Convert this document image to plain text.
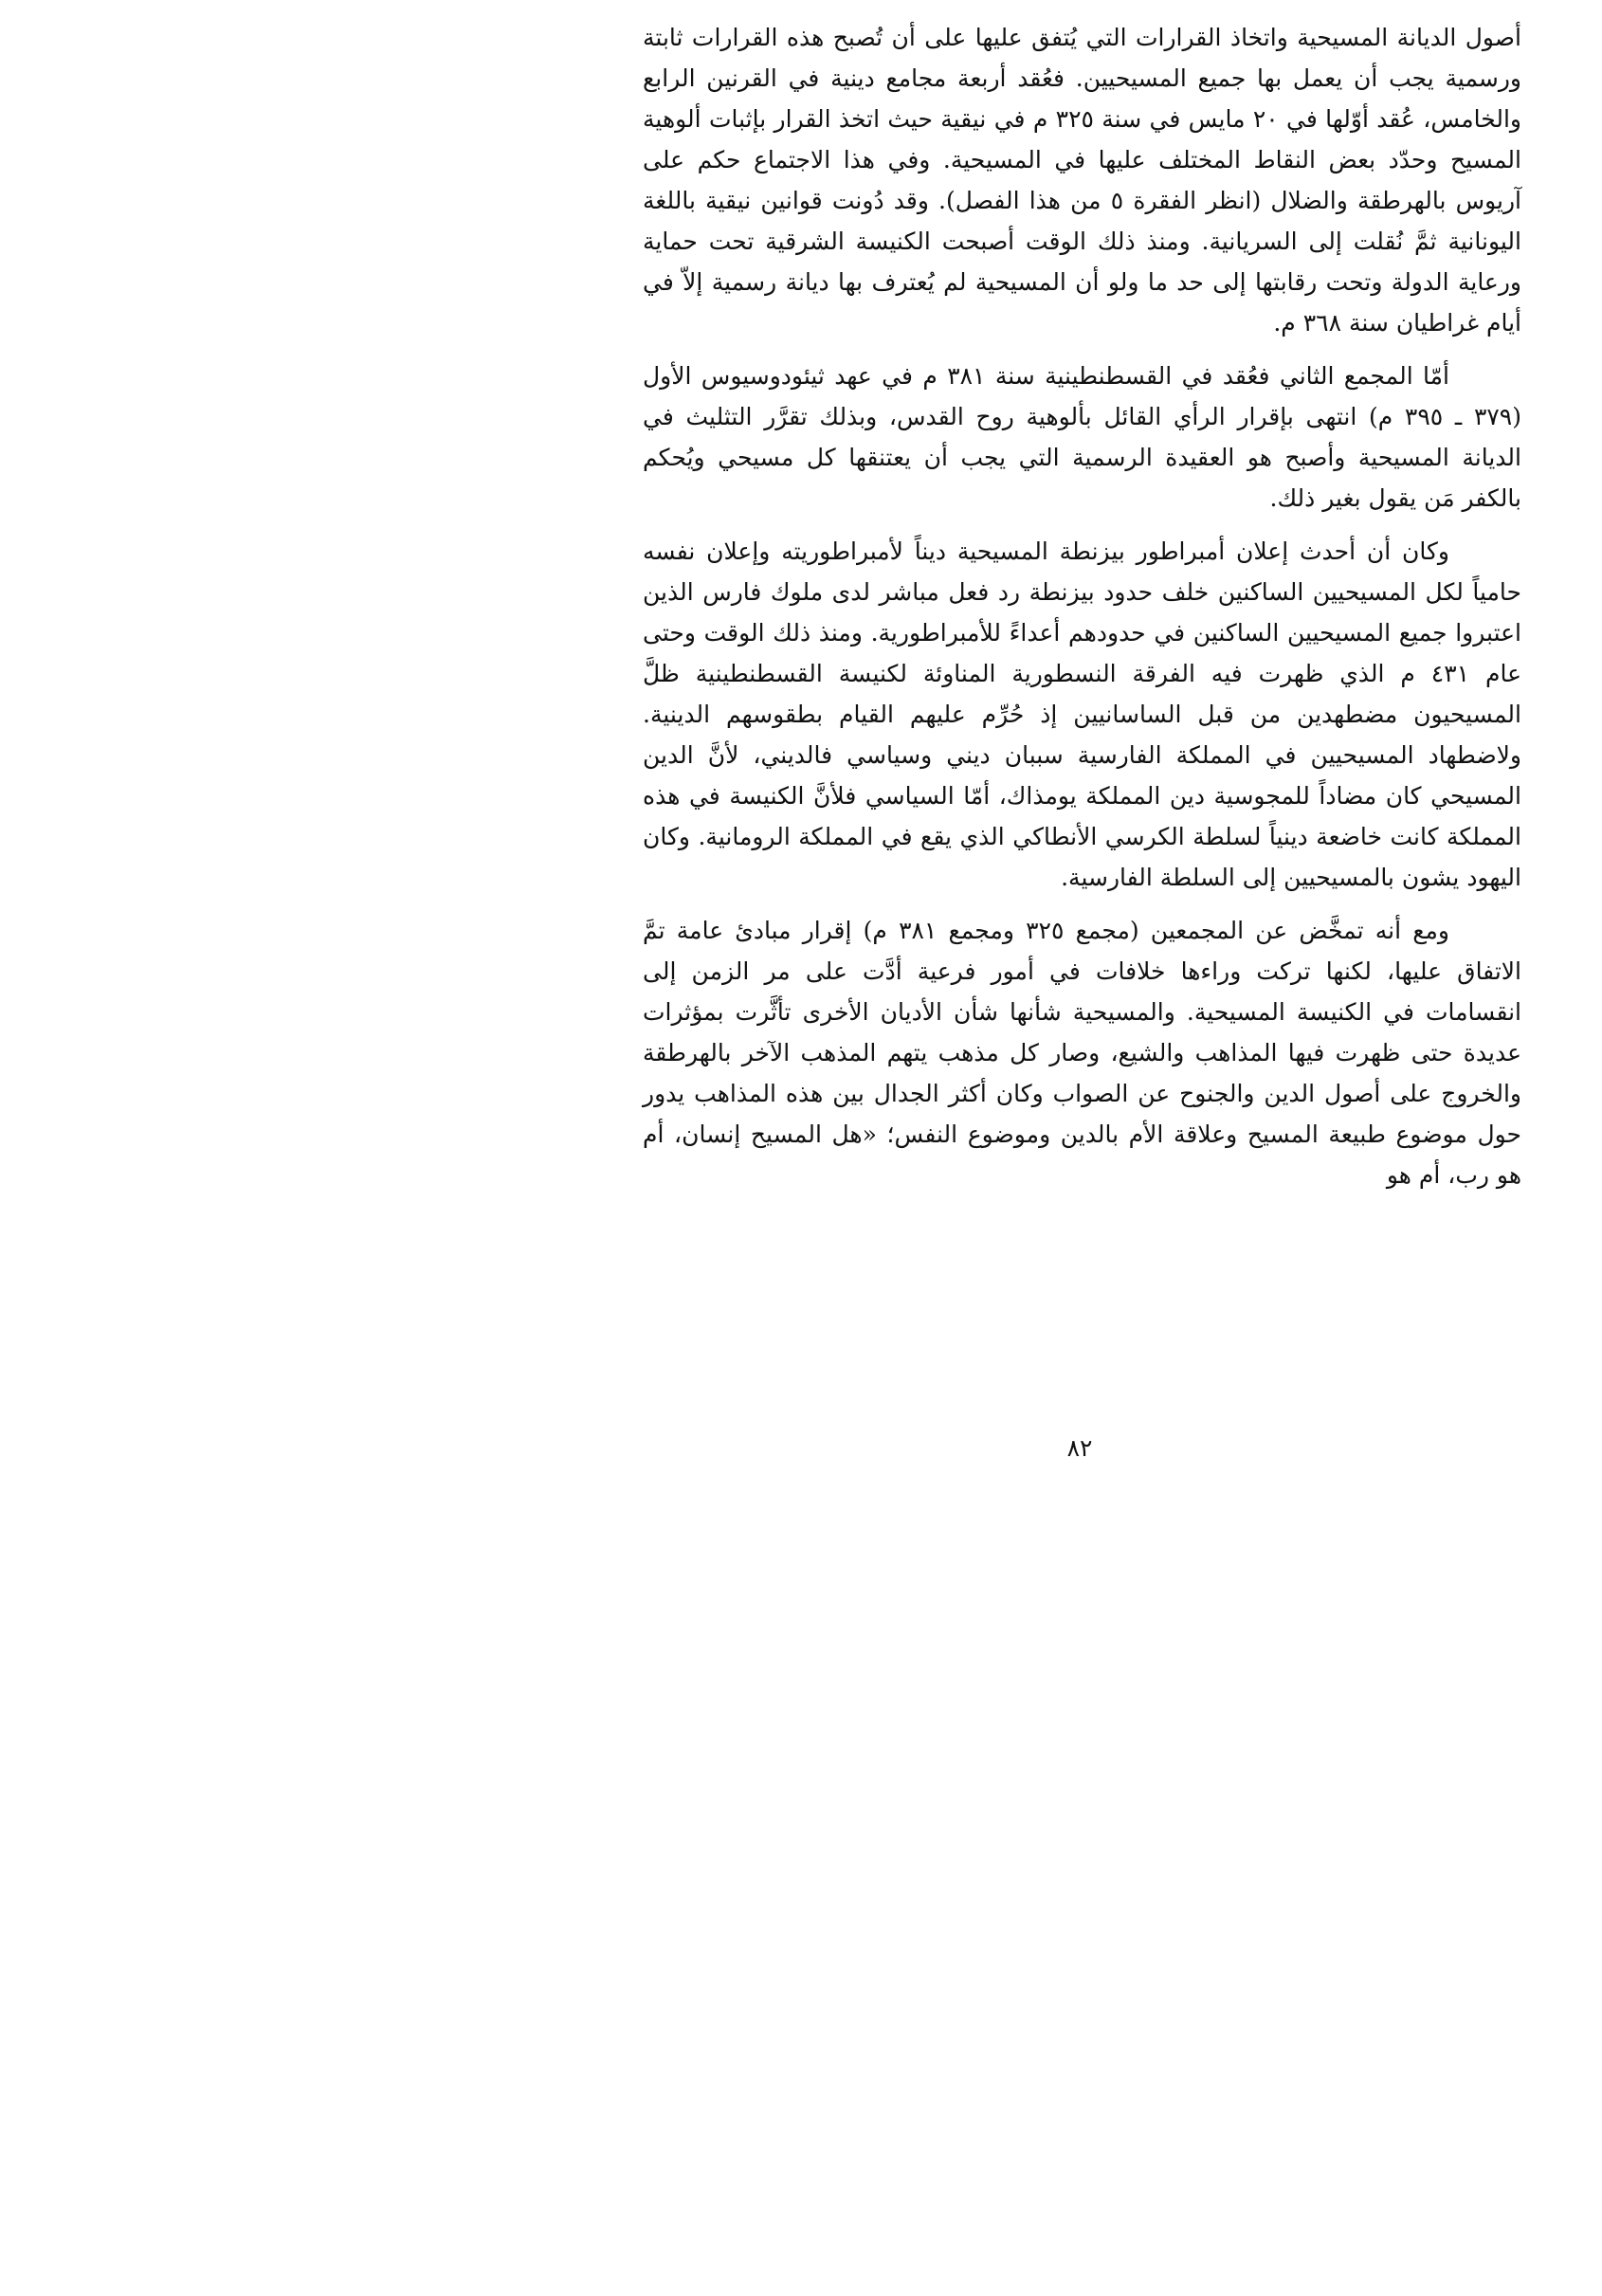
أصول الديانة المسيحية واتخاذ القرارات التي يُتفق عليها على أن تُصبح هذه القرارات ثابتة ورسمية يجب أن يعمل بها جميع المسيحيين. فعُقد أربعة مجامع دينية في القرنين الرابع والخامس، عُقد أوّلها في ٢٠ مايس في سنة ٣٢٥ م في نيقية حيث اتخذ القرار بإثبات ألوهية المسيح وحدّد بعض النقاط المختلف عليها في المسيحية. وفي هذا الاجتماع حكم على آريوس بالهرطقة والضلال (انظر الفقرة ٥ من هذا الفصل). وقد دُونت قوانين نيقية باللغة اليونانية ثمَّ نُقلت إلى السريانية. ومنذ ذلك الوقت أصبحت الكنيسة الشرقية تحت حماية ورعاية الدولة وتحت رقابتها إلى حد ما ولو أن المسيحية لم يُعترف بها ديانة رسمية إلاّ في أيام غراطيان سنة ٣٦٨ م.

أمّا المجمع الثاني فعُقد في القسطنطينية سنة ٣٨١ م في عهد ثيئودوسيوس الأول (٣٧٩ ـ ٣٩٥ م) انتهى بإقرار الرأي القائل بألوهية روح القدس، وبذلك تقرَّر التثليث في الديانة المسيحية وأصبح هو العقيدة الرسمية التي يجب أن يعتنقها كل مسيحي ويُحكم بالكفر مَن يقول بغير ذلك.

وكان أن أحدث إعلان أمبراطور بيزنطة المسيحية ديناً لأمبراطوريته وإعلان نفسه حامياً لكل المسيحيين الساكنين خلف حدود بيزنطة رد فعل مباشر لدى ملوك فارس الذين اعتبروا جميع المسيحيين الساكنين في حدودهم أعداءً للأمبراطورية. ومنذ ذلك الوقت وحتى عام ٤٣١ م الذي ظهرت فيه الفرقة النسطورية المناوئة لكنيسة القسطنطينية ظلَّ المسيحيون مضطهدين من قبل الساسانيين إذ حُرِّم عليهم القيام بطقوسهم الدينية. ولاضطهاد المسيحيين في المملكة الفارسية سببان ديني وسياسي فالديني، لأنَّ الدين المسيحي كان مضاداً للمجوسية دين المملكة يومذاك، أمّا السياسي فلأنَّ الكنيسة في هذه المملكة كانت خاضعة دينياً لسلطة الكرسي الأنطاكي الذي يقع في المملكة الرومانية. وكان اليهود يشون بالمسيحيين إلى السلطة الفارسية.

ومع أنه تمخَّض عن المجمعين (مجمع ٣٢٥ ومجمع ٣٨١ م) إقرار مبادئ عامة تمَّ الاتفاق عليها، لكنها تركت وراءها خلافات في أمور فرعية أدَّت على مر الزمن إلى انقسامات في الكنيسة المسيحية. والمسيحية شأنها شأن الأديان الأخرى تأثَّرت بمؤثرات عديدة حتى ظهرت فيها المذاهب والشيع، وصار كل مذهب يتهم المذهب الآخر بالهرطقة والخروج على أصول الدين والجنوح عن الصواب وكان أكثر الجدال بين هذه المذاهب يدور حول موضوع طبيعة المسيح وعلاقة الأم بالدين وموضوع النفس؛ «هل المسيح إنسان، أم هو رب، أم هو

٨٢
